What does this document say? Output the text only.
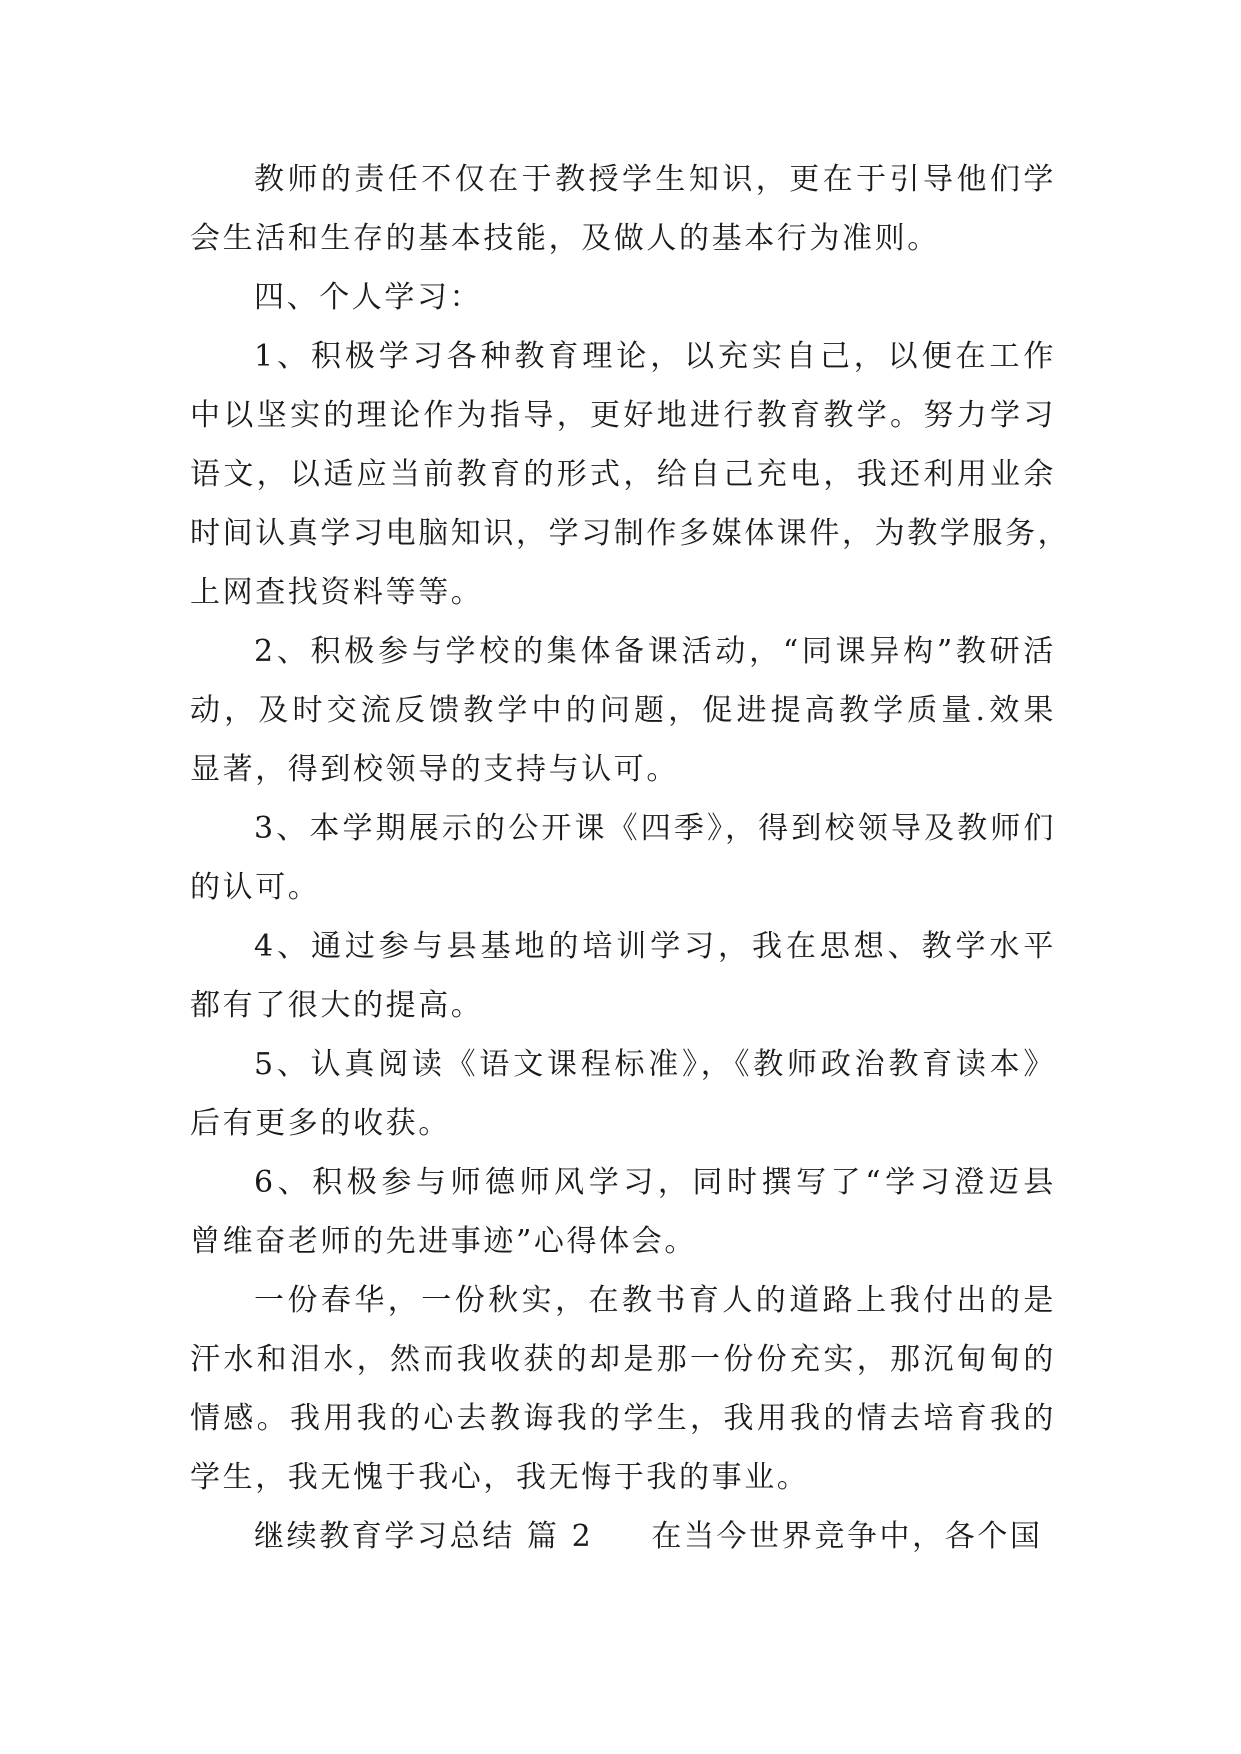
教师的责任不仅在于教授学生知识，更在于引导他们学
会生活和生存的基本技能，及做人的基本行为准则。
四、个人学习：
1、积极学习各种教育理论，以充实自己，以便在工作
中以坚实的理论作为指导，更好地进行教育教学。努力学习
语文，以适应当前教育的形式，给自己充电，我还利用业余
时间认真学习电脑知识，学习制作多媒体课件，为教学服务，
上网查找资料等等。
2、积极参与学校的集体备课活动，“同课异构”教研活
动，及时交流反馈教学中的问题，促进提高教学质量.效果
显著，得到校领导的支持与认可。
3、本学期展示的公开课《四季》，得到校领导及教师们
的认可。
4、通过参与县基地的培训学习，我在思想、教学水平
都有了很大的提高。
5、认真阅读《语文课程标准》，《教师政治教育读本》
后有更多的收获。
6、积极参与师德师风学习，同时撰写了“学习澄迈县
曾维奋老师的先进事迹”心得体会。
一份春华，一份秋实，在教书育人的道路上我付出的是
汗水和泪水，然而我收获的却是那一份份充实，那沉甸甸的
情感。我用我的心去教诲我的学生，我用我的情去培育我的
学生，我无愧于我心，我无悔于我的事业。
继续教育学习总结 篇 2 在当今世界竞争中，各个国
